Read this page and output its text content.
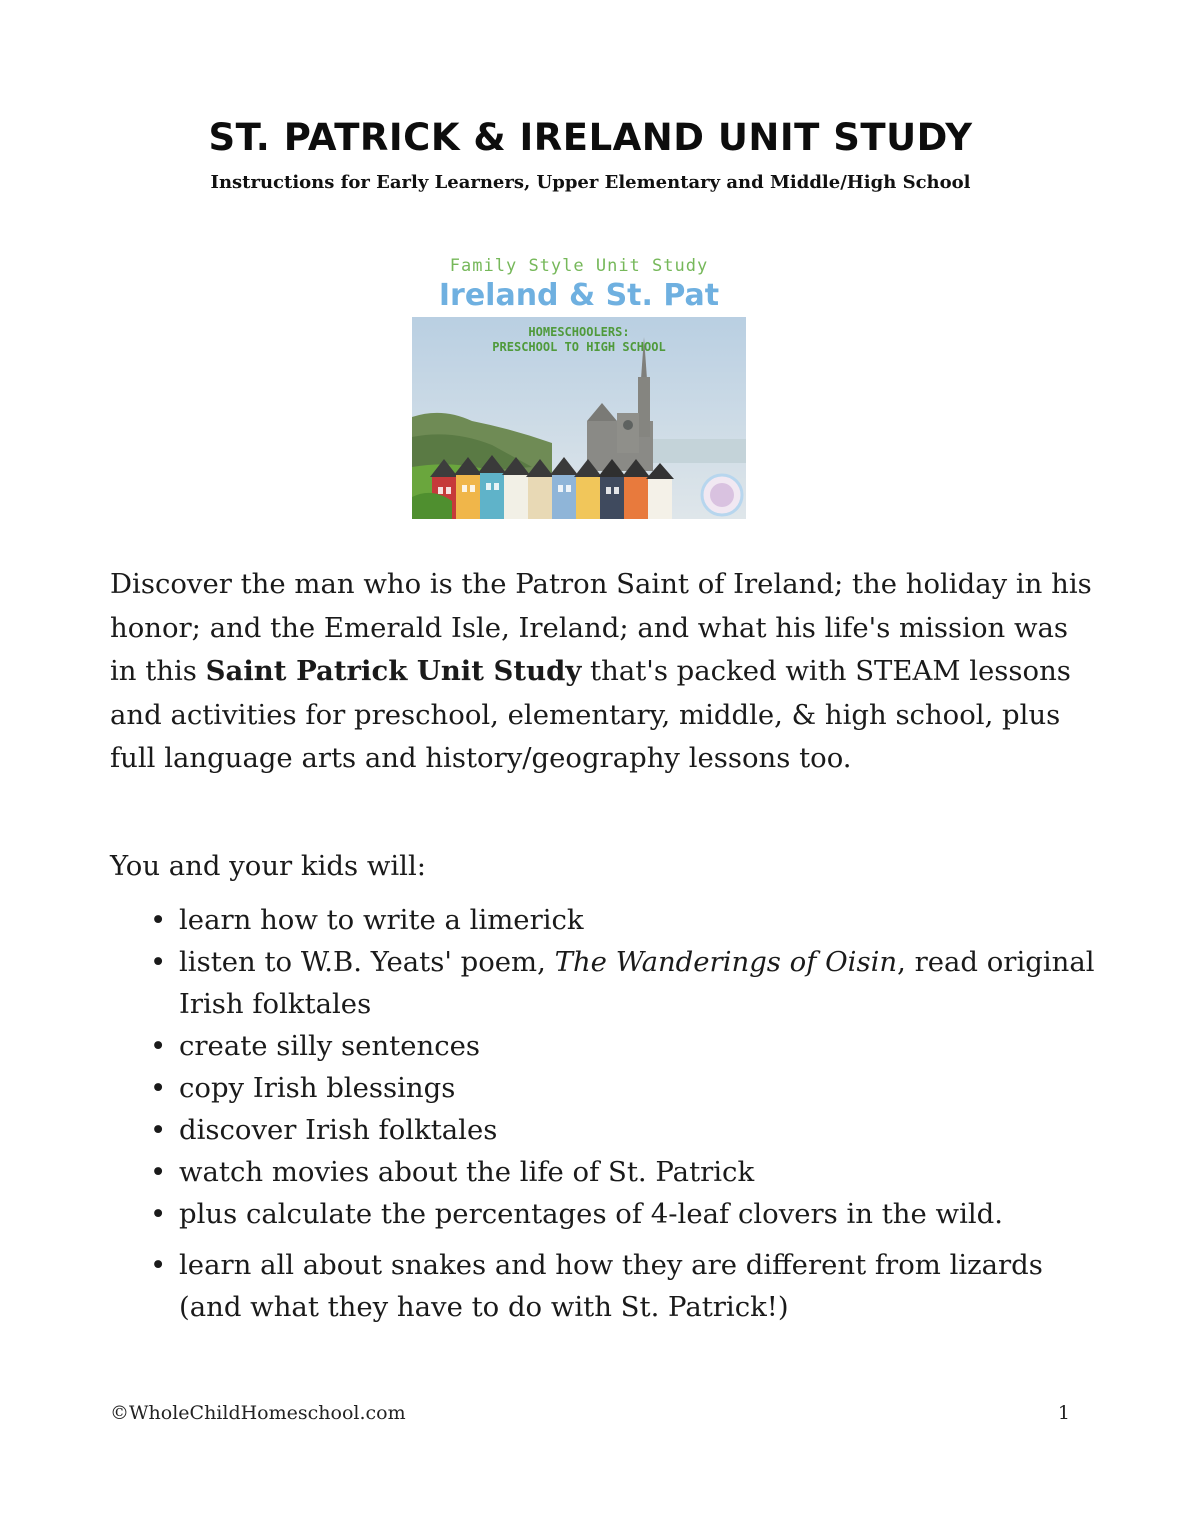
ST. PATRICK & IRELAND UNIT STUDY
Instructions for Early Learners, Upper Elementary and Middle/High School
Family Style Unit Study
Ireland & St. Pat
HOMESCHOOLERS:
PRESCHOOL TO HIGH SCHOOL

Discover the man who is the Patron Saint of Ireland; the holiday in his honor; and the Emerald Isle, Ireland; and what his life's mission was in this Saint Patrick Unit Study that's packed with STEAM lessons and activities for preschool, elementary, middle, & high school, plus full language arts and history/geography lessons too.

You and your kids will:
• learn how to write a limerick
• listen to W.B. Yeats' poem, The Wanderings of Oisin, read original Irish folktales
• create silly sentences
• copy Irish blessings
• discover Irish folktales
• watch movies about the life of St. Patrick
• plus calculate the percentages of 4-leaf clovers in the wild.
• learn all about snakes and how they are different from lizards (and what they have to do with St. Patrick!)
©WholeChildHomeschool.com	1
